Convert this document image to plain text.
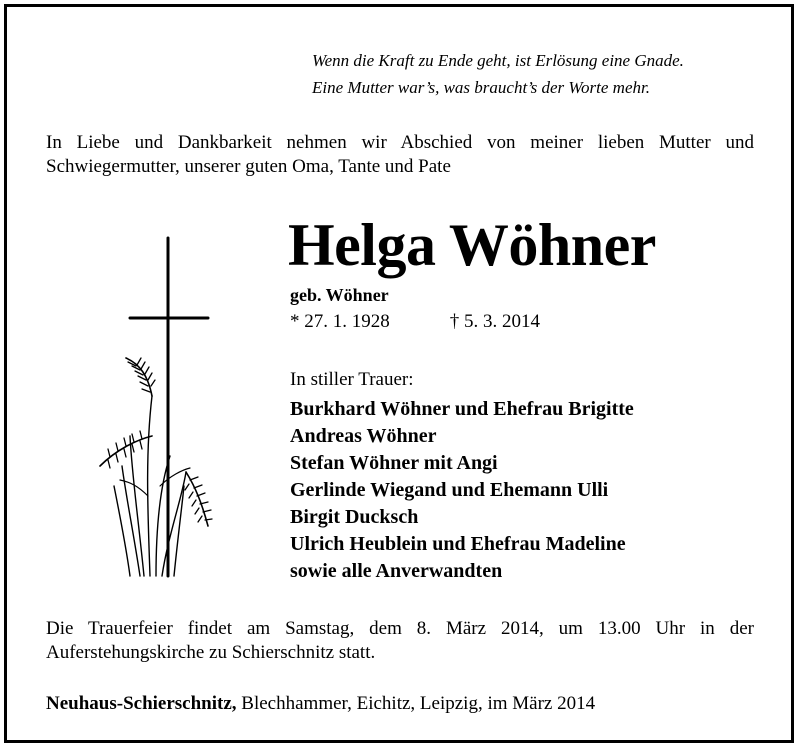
Wenn die Kraft zu Ende geht, ist Erlösung eine Gnade.
Eine Mutter war’s, was braucht’s der Worte mehr.
In Liebe und Dankbarkeit nehmen wir Abschied von meiner lieben Mutter und Schwiegermutter, unserer guten Oma, Tante und Pate
Helga Wöhner
geb. Wöhner
* 27. 1. 1928	† 5. 3. 2014
In stiller Trauer:
Burkhard Wöhner und Ehefrau Brigitte
Andreas Wöhner
Stefan Wöhner mit Angi
Gerlinde Wiegand und Ehemann Ulli
Birgit Ducksch
Ulrich Heublein und Ehefrau Madeline
sowie alle Anverwandten
Die Trauerfeier findet am Samstag, dem 8. März 2014, um 13.00 Uhr in der Auferstehungskirche zu Schierschnitz statt.
Neuhaus-Schierschnitz, Blechhammer, Eichitz, Leipzig, im März 2014
